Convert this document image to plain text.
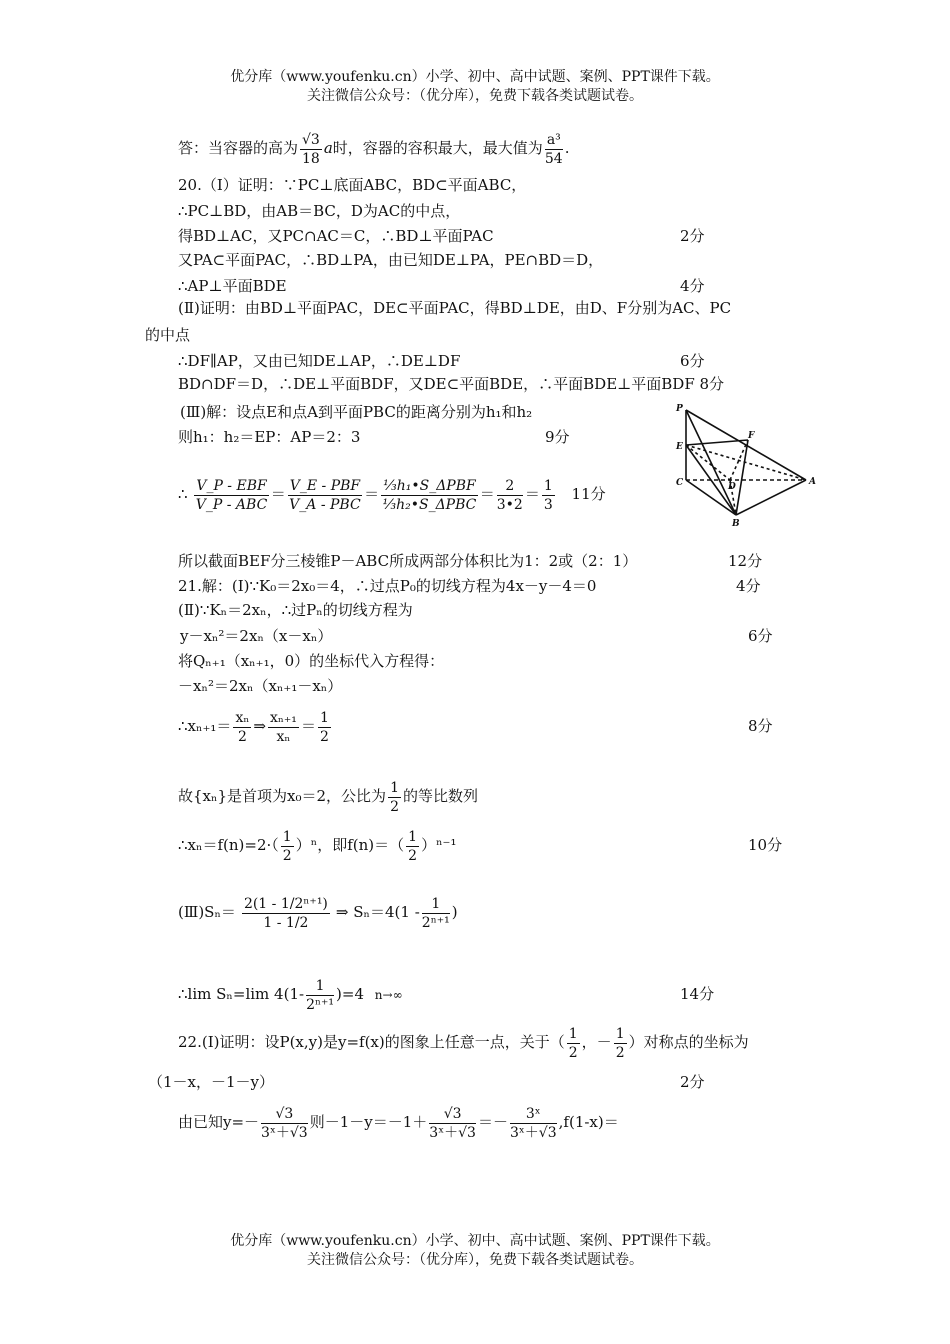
优分库（www.youfenku.cn）小学、初中、高中试题、案例、PPT课件下载。
关注微信公众号：（优分库），免费下载各类试题试卷。
答：当容器的高为 $\frac{√3}{18}$ a时，容器的容积最大，最大值为 $\frac{\text{a³}}{54}$ .
20.（Ⅰ）证明：∵PC⊥底面ABC，BD⊂平面ABC，
∴PC⊥BD，由AB＝BC，D为AC的中点，
得BD⊥AC，又PC∩AC＝C，∴BD⊥平面PAC	2分
又PA⊂平面PAC，∴BD⊥PA，由已知DE⊥PA，PE∩BD＝D，
∴AP⊥平面BDE	4分
(Ⅱ)证明：由BD⊥平面PAC，DE⊂平面PAC，得BD⊥DE，由D、F分别为AC、PC
的中点
∴DF∥AP，又由已知DE⊥AP，∴DE⊥DF	6分
BD∩DF＝D，∴DE⊥平面BDF，又DE⊂平面BDE，∴平面BDE⊥平面BDF 8分
(Ⅲ)解：设点E和点A到平面PBC的距离分别为h₁和h₂
则h₁：h₂＝EP：AP＝2：3	9分
∴ V_P - EBF
V_P - ABC
＝ V_E - PBF
V_A - PBC
＝ ⅓h₁•S_ΔPBF
⅓h₂•S_ΔPBC
＝ $\frac{2}{3•2} = \frac{1}{3} 11$分
所以截面BEF分三棱锥P－ABC所成两部分体积比为1：2或（2：1）	12分
P
F
E
C	D	A
B
21.解：(Ⅰ)∵K₀＝2x₀＝4，∴过点P₀的切线方程为4x－y－4＝0	4分
(Ⅱ)∵Kₙ＝2xₙ，∴过Pₙ的切线方程为
y－xₙ²＝2xₙ（x－xₙ）	6分
将Qₙ₊₁（xₙ₊₁，0）的坐标代入方程得：
－xₙ²＝2xₙ（xₙ₊₁－xₙ）
∴xₙ₊₁＝ $\frac{\text{xₙ}}{2}$ ⇒ $\frac{\text{xₙ₊₁}}{\text{xₙ}} = \frac{1}{2}$	8分
故{xₙ}是首项为x₀＝2，公比为 $\frac{1}{2}$ 的等比数列
∴xₙ＝f(n)=2·（ $\frac{1}{2} )^n$，即$f(n)=( \frac{1}{2} )^{n-1}$	10分
(Ⅲ)Sₙ＝ $\frac{\text{2(1 - 1/2ⁿ⁺¹)}}{1 - 1/2}$ ⇒ $S_n=4(1 - \frac{1}{\text{2ⁿ⁺¹}}$ )
∴lim Sₙ=lim $4(1- \frac{1}{\text{2ⁿ⁺¹}} )=4$ n→∞	14分
22.(Ⅰ)证明：设P(x,y)是y=f(x)的图象上任意一点，关于（ $\frac{1}{2}$ ，－ $\frac{1}{2}$ ）对称点的坐标为
（1－x，－1－y）	2分
由已知$y=- \frac{√3}{\text{3ˣ＋√3}}$ 则$-1-y=-1+ \frac{√3}{\text{3ˣ＋√3}} =- \frac{\text{3ˣ}}{\text{3ˣ＋√3}} ,f(1-x)=$
优分库（www.youfenku.cn）小学、初中、高中试题、案例、PPT课件下载。
关注微信公众号：（优分库），免费下载各类试题试卷。
